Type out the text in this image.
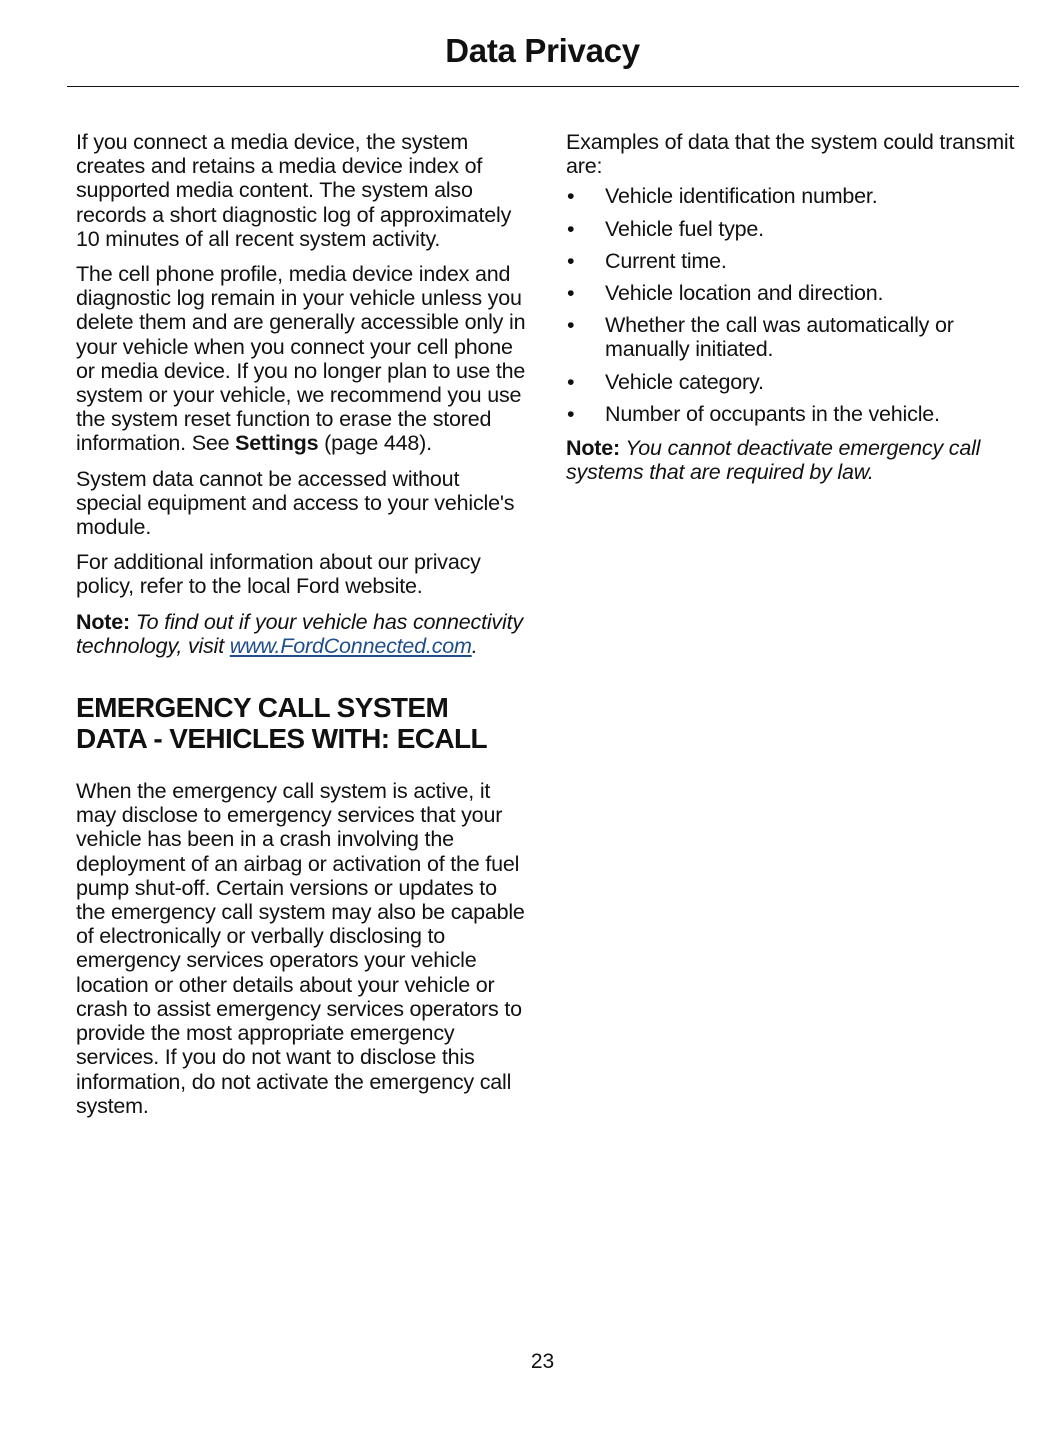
Data Privacy

If you connect a media device, the system creates and retains a media device index of supported media content. The system also records a short diagnostic log of approximately 10 minutes of all recent system activity.

The cell phone profile, media device index and diagnostic log remain in your vehicle unless you delete them and are generally accessible only in your vehicle when you connect your cell phone or media device. If you no longer plan to use the system or your vehicle, we recommend you use the system reset function to erase the stored information. See Settings (page 448).

System data cannot be accessed without special equipment and access to your vehicle's module.

For additional information about our privacy policy, refer to the local Ford website.

Note: To find out if your vehicle has connectivity technology, visit www.FordConnected.com.

EMERGENCY CALL SYSTEM
DATA - VEHICLES WITH: ECALL

When the emergency call system is active, it may disclose to emergency services that your vehicle has been in a crash involving the deployment of an airbag or activation of the fuel pump shut-off. Certain versions or updates to the emergency call system may also be capable of electronically or verbally disclosing to emergency services operators your vehicle location or other details about your vehicle or crash to assist emergency services operators to provide the most appropriate emergency services. If you do not want to disclose this information, do not activate the emergency call system.

Examples of data that the system could transmit are:

• Vehicle identification number.
• Vehicle fuel type.
• Current time.
• Vehicle location and direction.
• Whether the call was automatically or manually initiated.
• Vehicle category.
• Number of occupants in the vehicle.

Note: You cannot deactivate emergency call systems that are required by law.

23
